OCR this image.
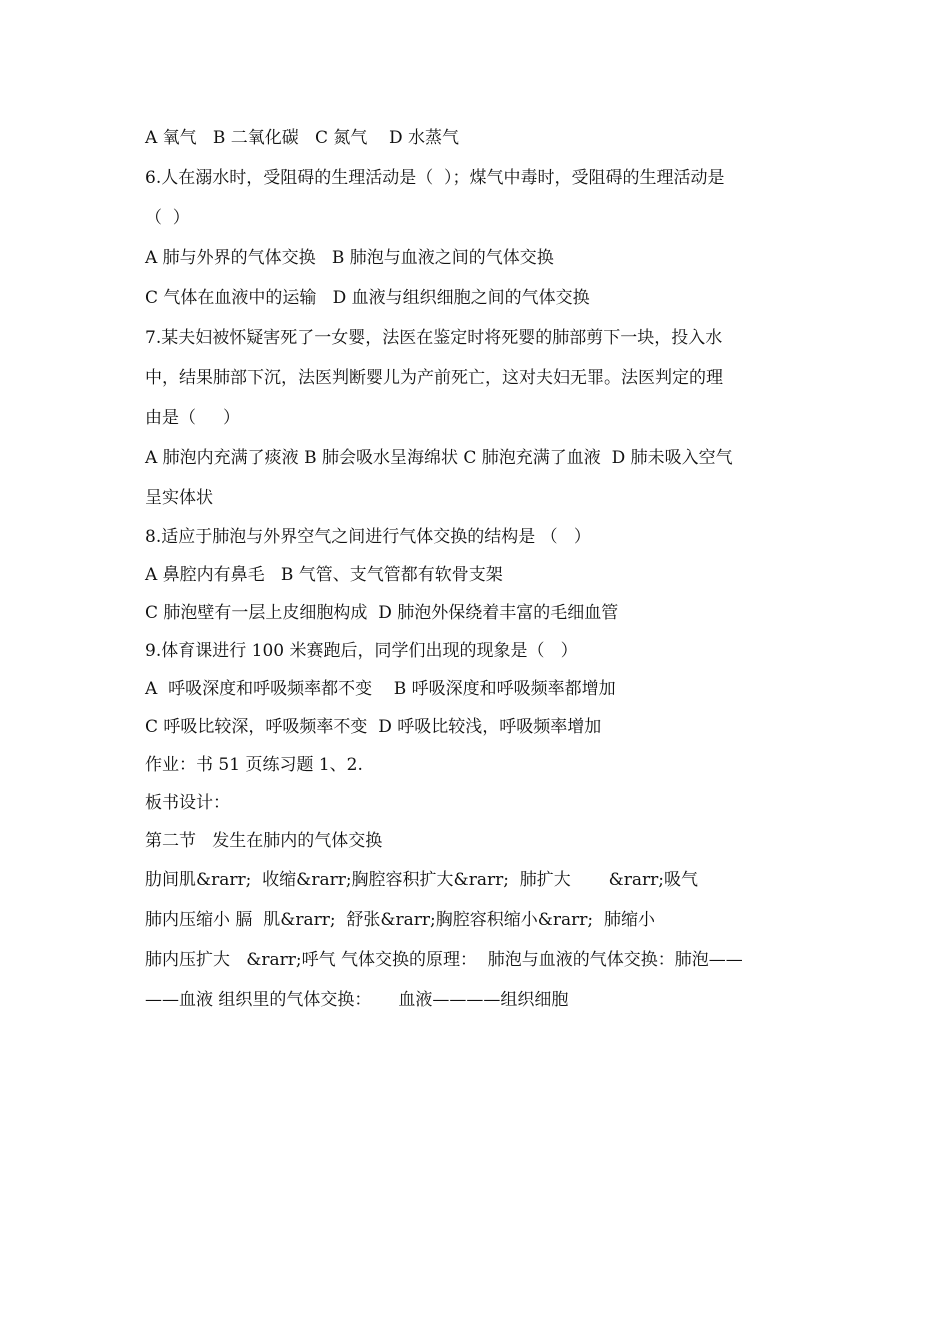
A 氧气   B 二氧化碳   C 氮气    D 水蒸气
6.人在溺水时，受阻碍的生理活动是（  ）；煤气中毒时，受阻碍的生理活动是
（  ）
A 肺与外界的气体交换   B 肺泡与血液之间的气体交换
C 气体在血液中的运输   D 血液与组织细胞之间的气体交换
7.某夫妇被怀疑害死了一女婴，法医在鉴定时将死婴的肺部剪下一块，投入水
中，结果肺部下沉，法医判断婴儿为产前死亡，这对夫妇无罪。法医判定的理
由是（     ）
A 肺泡内充满了痰液 B 肺会吸水呈海绵状 C 肺泡充满了血液  D 肺未吸入空气
呈实体状
8.适应于肺泡与外界空气之间进行气体交换的结构是 （   ）
A 鼻腔内有鼻毛   B 气管、支气管都有软骨支架
C 肺泡壁有一层上皮细胞构成  D 肺泡外保绕着丰富的毛细血管
9.体育课进行 100 米赛跑后，同学们出现的现象是（   ）
A  呼吸深度和呼吸频率都不变    B 呼吸深度和呼吸频率都增加
C 呼吸比较深，呼吸频率不变  D 呼吸比较浅，呼吸频率增加
作业：书 51 页练习题 1、2.
板书设计：
第二节   发生在肺内的气体交换
肋间肌&rarr;  收缩&rarr;胸腔容积扩大&rarr;  肺扩大       &rarr;吸气
肺内压缩小 膈  肌&rarr;  舒张&rarr;胸腔容积缩小&rarr;  肺缩小
肺内压扩大   &rarr;呼气 气体交换的原理：  肺泡与血液的气体交换：肺泡——
——血液 组织里的气体交换：     血液————组织细胞
